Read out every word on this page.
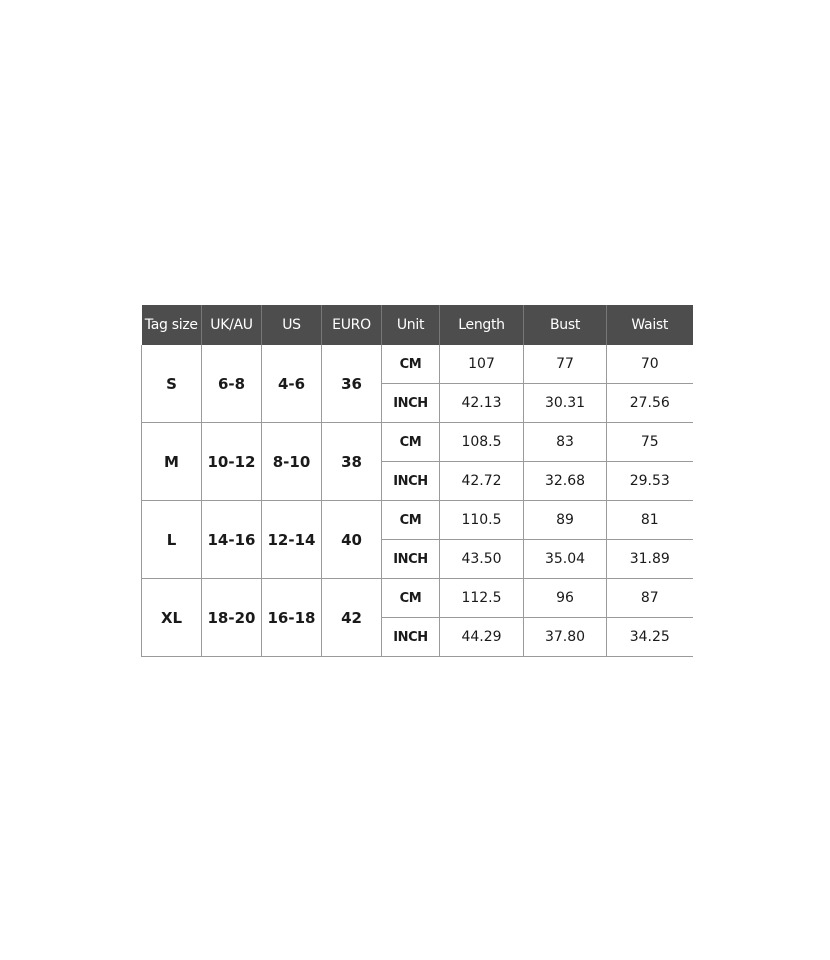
Tag size	UK/AU	US	EURO	Unit	Length	Bust	Waist
S	6-8	4-6	36	CM	107	77	70
				INCH	42.13	30.31	27.56
M	10-12	8-10	38	CM	108.5	83	75
				INCH	42.72	32.68	29.53
L	14-16	12-14	40	CM	110.5	89	81
				INCH	43.50	35.04	31.89
XL	18-20	16-18	42	CM	112.5	96	87
				INCH	44.29	37.80	34.25
